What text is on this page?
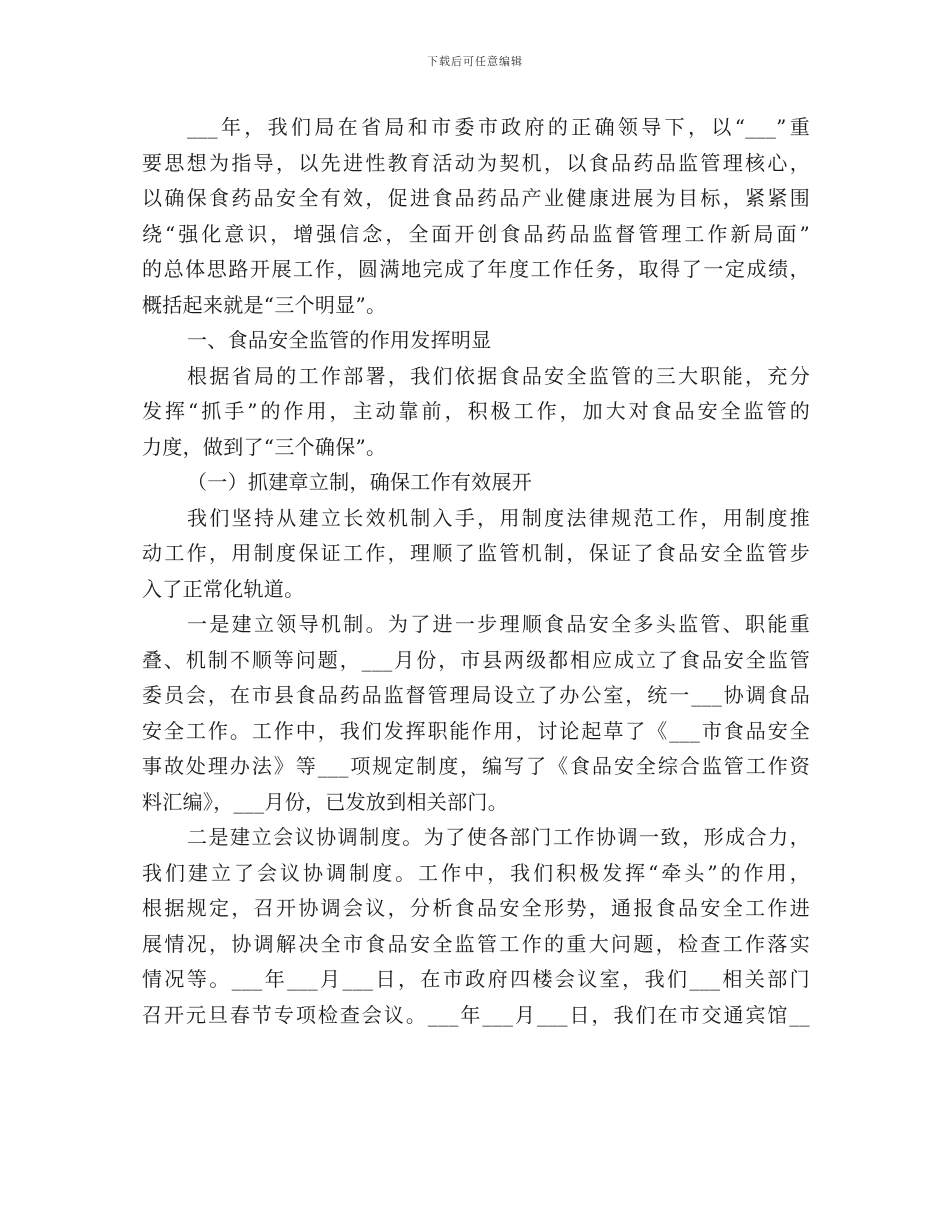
下载后可任意编辑
___年，我们局在省局和市委市政府的正确领导下，以“___”重
要思想为指导，以先进性教育活动为契机，以食品药品监管理核心，
以确保食药品安全有效，促进食品药品产业健康进展为目标，紧紧围
绕“强化意识，增强信念，全面开创食品药品监督管理工作新局面”
的总体思路开展工作，圆满地完成了年度工作任务，取得了一定成绩，
概括起来就是“三个明显”。
一、食品安全监管的作用发挥明显
根据省局的工作部署，我们依据食品安全监管的三大职能，充分
发挥“抓手”的作用，主动靠前，积极工作，加大对食品安全监管的
力度，做到了“三个确保”。
（一）抓建章立制，确保工作有效展开
我们坚持从建立长效机制入手，用制度法律规范工作，用制度推
动工作，用制度保证工作，理顺了监管机制，保证了食品安全监管步
入了正常化轨道。
一是建立领导机制。为了进一步理顺食品安全多头监管、职能重
叠、机制不顺等问题，___月份，市县两级都相应成立了食品安全监管
委员会，在市县食品药品监督管理局设立了办公室，统一___协调食品
安全工作。工作中，我们发挥职能作用，讨论起草了《___市食品安全
事故处理办法》等___项规定制度，编写了《食品安全综合监管工作资
料汇编》，___月份，已发放到相关部门。
二是建立会议协调制度。为了使各部门工作协调一致，形成合力，
我们建立了会议协调制度。工作中，我们积极发挥“牵头”的作用，
根据规定，召开协调会议，分析食品安全形势，通报食品安全工作进
展情况，协调解决全市食品安全监管工作的重大问题，检查工作落实
情况等。___年___月___日，在市政府四楼会议室，我们___相关部门
召开元旦春节专项检查会议。___年___月___日，我们在市交通宾馆__
